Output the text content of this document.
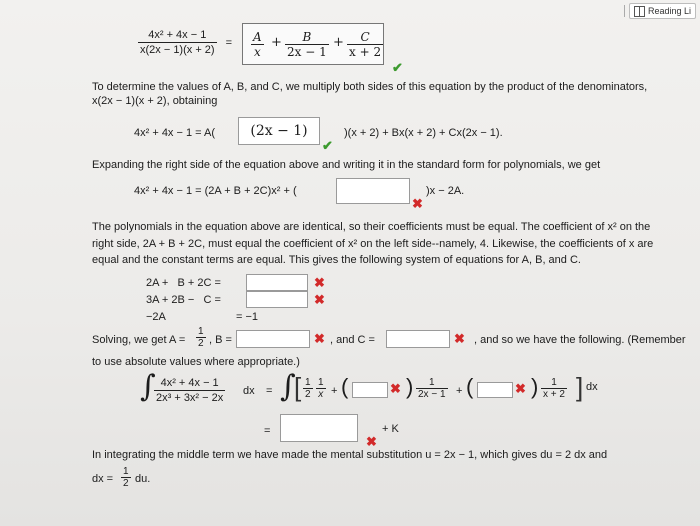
Reading Li
$\frac{\text{4x² + 4x − 1}}{x(2x - 1)(x + 2)}$ =	$\frac{A}{x} + \frac{B}{2x - 1} + \frac{C}{x + 2}$
✔
To determine the values of A, B, and C, we multiply both sides of this equation by the product of the denominators,
x(2x − 1)(x + 2), obtaining
4x² + 4x − 1 = A(	(2x − 1)
✔
)(x + 2) + Bx(x + 2) + Cx(2x − 1).
Expanding the right side of the equation above and writing it in the standard form for polynomials, we get
4x² + 4x − 1 = (2A + B + 2C)x² + (
✖
)x − 2A.
The polynomials in the equation above are identical, so their coefficients must be equal. The coefficient of x² on the
right side, 2A + B + 2C, must equal the coefficient of x² on the left side--namely, 4. Likewise, the coefficients of x are
equal and the constant terms are equal. This gives the following system of equations for A, B, and C.
2A +   B + 2C =	✖
3A + 2B −   C =	✖
−2A	= −1
Solving, we get $A = \frac{1}{2}$ , B =	✖ , and C =	✖ , and so we have the following. (Remember
to use absolute values where appropriate.)
∫
$\frac{\text{4x² + 4x − 1}}{\text{2x³ + 3x² − 2x}}$ dx = ∫
[ $\frac{1}{2} \frac{1}{x}$ + (	✖ ) $\frac{1}{2x - 1}$ + (	✖ ) $\frac{1}{x + 2}$ ] dx
=	+ K
✖
In integrating the middle term we have made the mental substitution u = 2x − 1, which gives du = 2 dx and
dx = $\frac{1}{2}$ du.
